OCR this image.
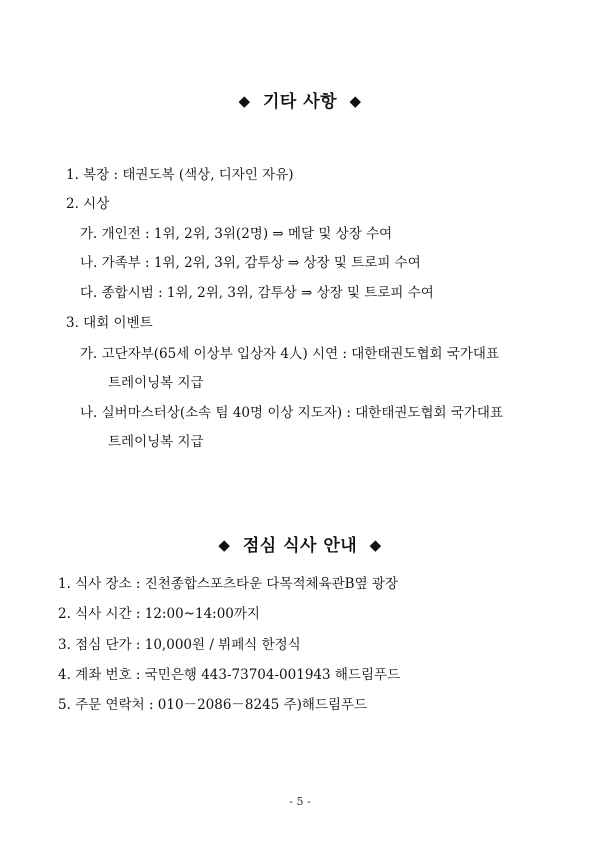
◆ 기타 사항 ◆
1. 복장 : 태권도복 (색상, 디자인 자유)
2. 시상
가. 개인전 : 1위, 2위, 3위(2명) ⇒ 메달 및 상장 수여
나. 가족부 : 1위, 2위, 3위, 감투상 ⇒ 상장 및 트로피 수여
다. 종합시범 : 1위, 2위, 3위, 감투상 ⇒ 상장 및 트로피 수여
3. 대회 이벤트
가. 고단자부(65세 이상부 입상자 4人) 시연 : 대한태권도협회 국가대표
트레이닝복 지급
나. 실버마스터상(소속 팀 40명 이상 지도자) : 대한태권도협회 국가대표
트레이닝복 지급
◆ 점심 식사 안내 ◆
1. 식사 장소 : 진천종합스포츠타운 다목적체육관B옆 광장
2. 식사 시간 : 12:00~14:00까지
3. 점심 단가 : 10,000원 / 뷔페식 한정식
4. 계좌 번호 : 국민은행 443-73704-001943 해드림푸드
5. 주문 연락처 : 010－2086－8245 주)해드림푸드
- 5 -
